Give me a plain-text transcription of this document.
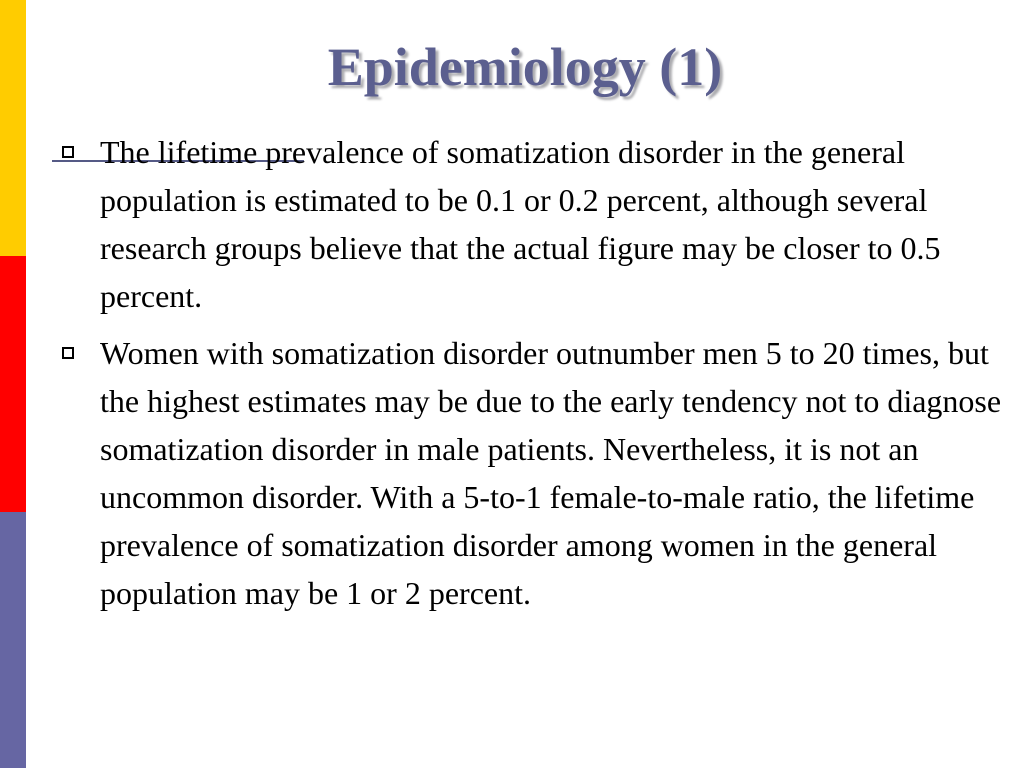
Epidemiology (1)
The lifetime prevalence of somatization disorder in the general population is estimated to be 0.1 or 0.2 percent, although several research groups believe that the actual figure may be closer to 0.5 percent.
Women with somatization disorder outnumber men 5 to 20 times, but the highest estimates may be due to the early tendency not to diagnose somatization disorder in male patients. Nevertheless, it is not an uncommon disorder. With a 5-to-1 female-to-male ratio, the lifetime prevalence of somatization disorder among women in the general population may be 1 or 2 percent.
